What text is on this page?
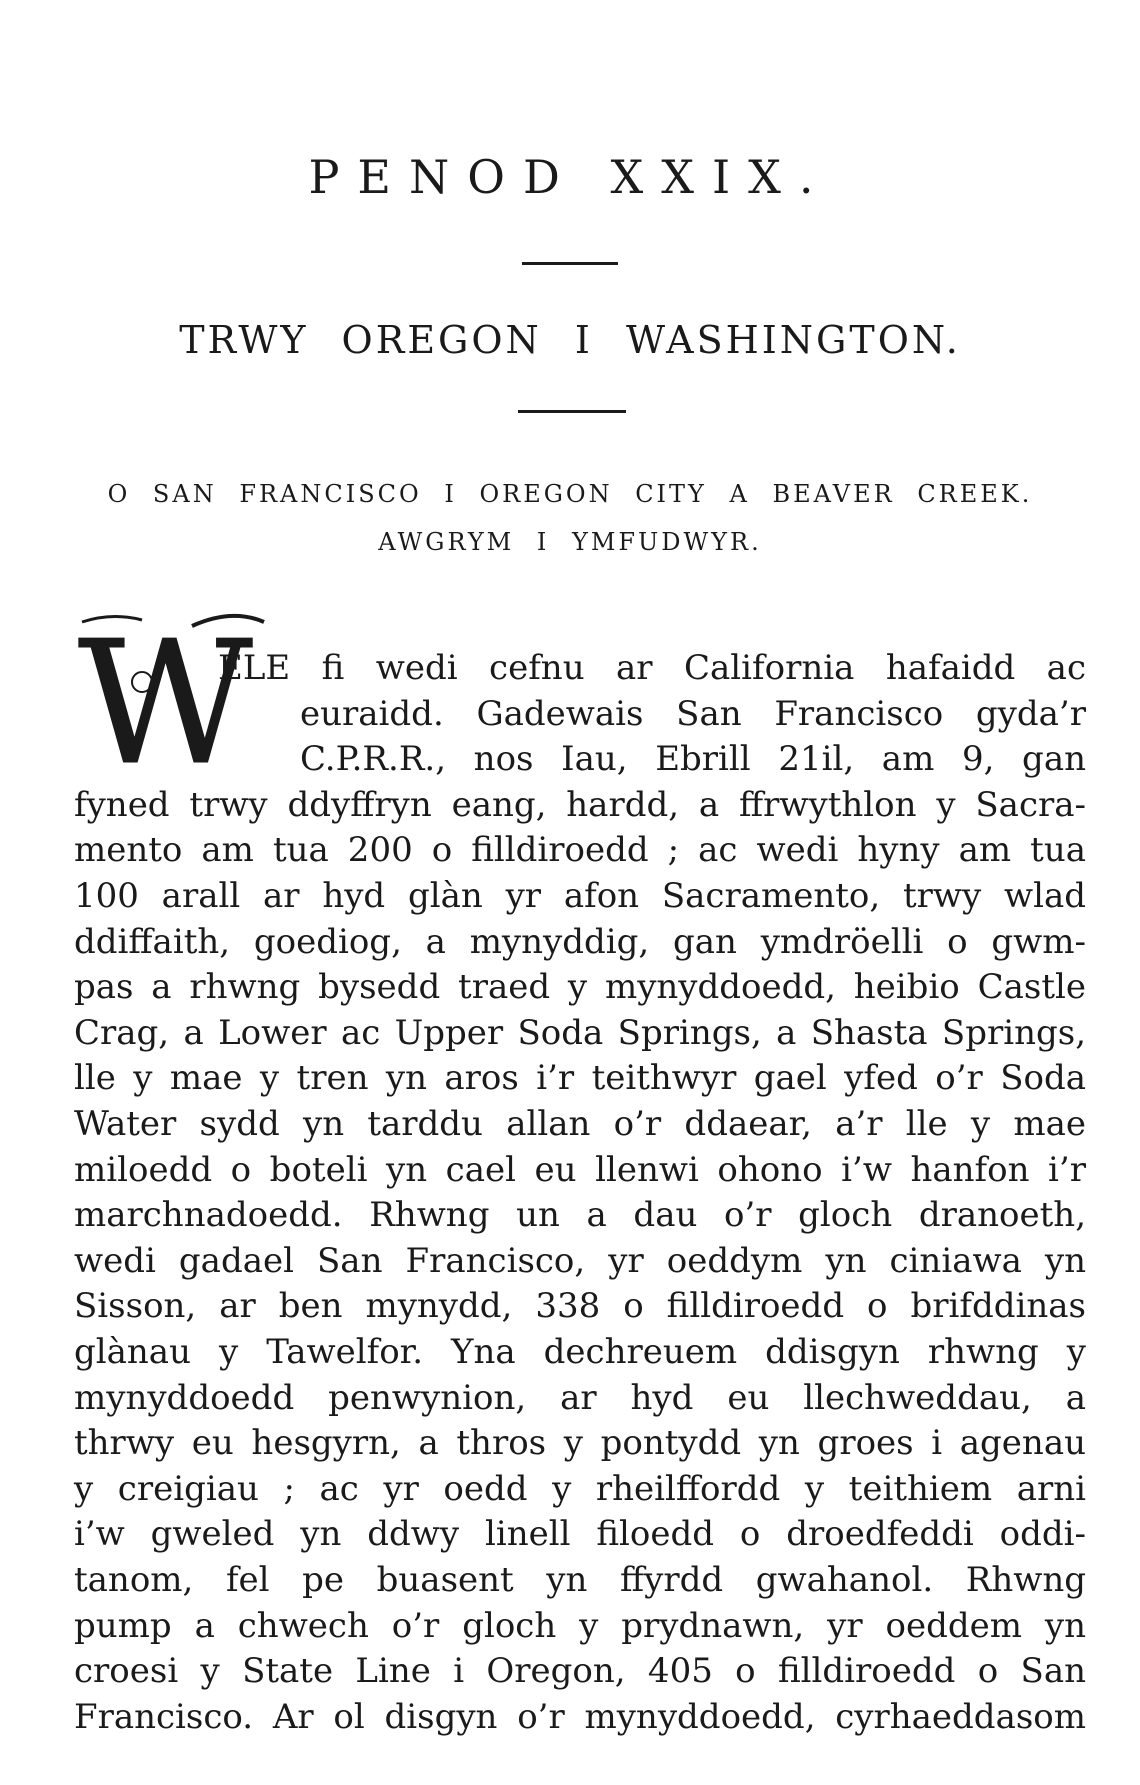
PENOD XXIX.
TRWY OREGON I WASHINGTON.
O SAN FRANCISCO I OREGON CITY A BEAVER CREEK.
AWGRYM I YMFUDWYR.
W
ELE fi wedi cefnu ar California hafaidd ac
euraidd. Gadewais San Francisco gyda’r
C.P.R.R., nos Iau, Ebrill 21il, am 9, gan
fyned trwy ddyffryn eang, hardd, a ffrwythlon y Sacra-
mento am tua 200 o filldiroedd ; ac wedi hyny am tua
100 arall ar hyd glàn yr afon Sacramento, trwy wlad
ddiffaith, goediog, a mynyddig, gan ymdröelli o gwm-
pas a rhwng bysedd traed y mynyddoedd, heibio Castle
Crag, a Lower ac Upper Soda Springs, a Shasta Springs,
lle y mae y tren yn aros i’r teithwyr gael yfed o’r Soda
Water sydd yn tarddu allan o’r ddaear, a’r lle y mae
miloedd o boteli yn cael eu llenwi ohono i’w hanfon i’r
marchnadoedd. Rhwng un a dau o’r gloch dranoeth,
wedi gadael San Francisco, yr oeddym yn ciniawa yn
Sisson, ar ben mynydd, 338 o filldiroedd o brifddinas
glànau y Tawelfor. Yna dechreuem ddisgyn rhwng y
mynyddoedd penwynion, ar hyd eu llechweddau, a
thrwy eu hesgyrn, a thros y pontydd yn groes i agenau
y creigiau ; ac yr oedd y rheilffordd y teithiem arni
i’w gweled yn ddwy linell filoedd o droedfeddi oddi-
tanom, fel pe buasent yn ffyrdd gwahanol. Rhwng
pump a chwech o’r gloch y prydnawn, yr oeddem yn
croesi y State Line i Oregon, 405 o filldiroedd o San
Francisco. Ar ol disgyn o’r mynyddoedd, cyrhaeddasom
